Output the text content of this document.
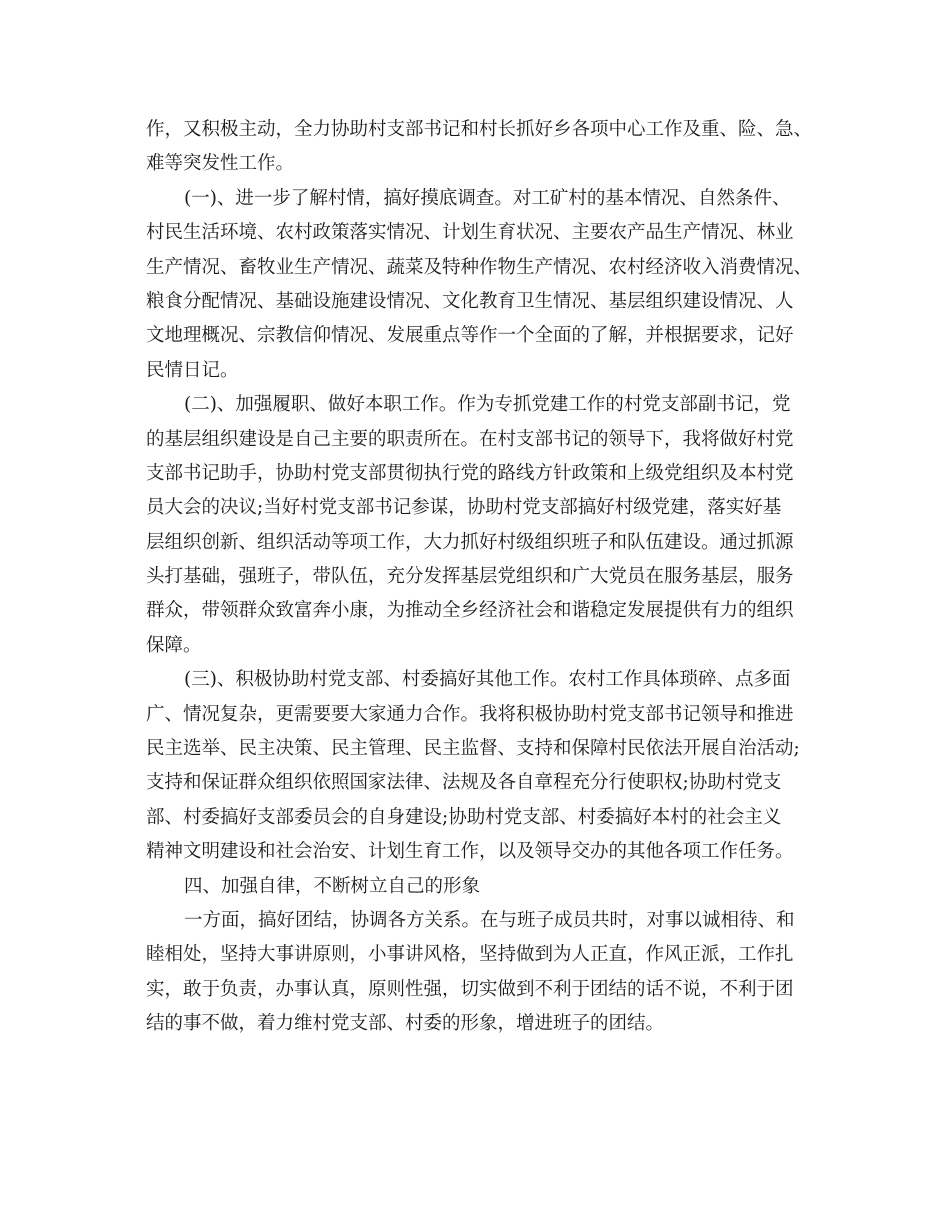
作，又积极主动，全力协助村支部书记和村长抓好乡各项中心工作及重、险、急、
难等突发性工作。
(一)、进一步了解村情，搞好摸底调查。对工矿村的基本情况、自然条件、
村民生活环境、农村政策落实情况、计划生育状况、主要农产品生产情况、林业
生产情况、畜牧业生产情况、蔬菜及特种作物生产情况、农村经济收入消费情况、
粮食分配情况、基础设施建设情况、文化教育卫生情况、基层组织建设情况、人
文地理概况、宗教信仰情况、发展重点等作一个全面的了解，并根据要求，记好
民情日记。
(二)、加强履职、做好本职工作。作为专抓党建工作的村党支部副书记，党
的基层组织建设是自己主要的职责所在。在村支部书记的领导下，我将做好村党
支部书记助手，协助村党支部贯彻执行党的路线方针政策和上级党组织及本村党
员大会的决议;当好村党支部书记参谋，协助村党支部搞好村级党建，落实好基
层组织创新、组织活动等项工作，大力抓好村级组织班子和队伍建设。通过抓源
头打基础，强班子，带队伍，充分发挥基层党组织和广大党员在服务基层，服务
群众，带领群众致富奔小康，为推动全乡经济社会和谐稳定发展提供有力的组织
保障。
(三)、积极协助村党支部、村委搞好其他工作。农村工作具体琐碎、点多面
广、情况复杂，更需要要大家通力合作。我将积极协助村党支部书记领导和推进
民主选举、民主决策、民主管理、民主监督、支持和保障村民依法开展自治活动;
支持和保证群众组织依照国家法律、法规及各自章程充分行使职权;协助村党支
部、村委搞好支部委员会的自身建设;协助村党支部、村委搞好本村的社会主义
精神文明建设和社会治安、计划生育工作，以及领导交办的其他各项工作任务。
四、加强自律，不断树立自己的形象
一方面，搞好团结，协调各方关系。在与班子成员共时，对事以诚相待、和
睦相处，坚持大事讲原则，小事讲风格，坚持做到为人正直，作风正派，工作扎
实，敢于负责，办事认真，原则性强，切实做到不利于团结的话不说，不利于团
结的事不做，着力维村党支部、村委的形象，增进班子的团结。
